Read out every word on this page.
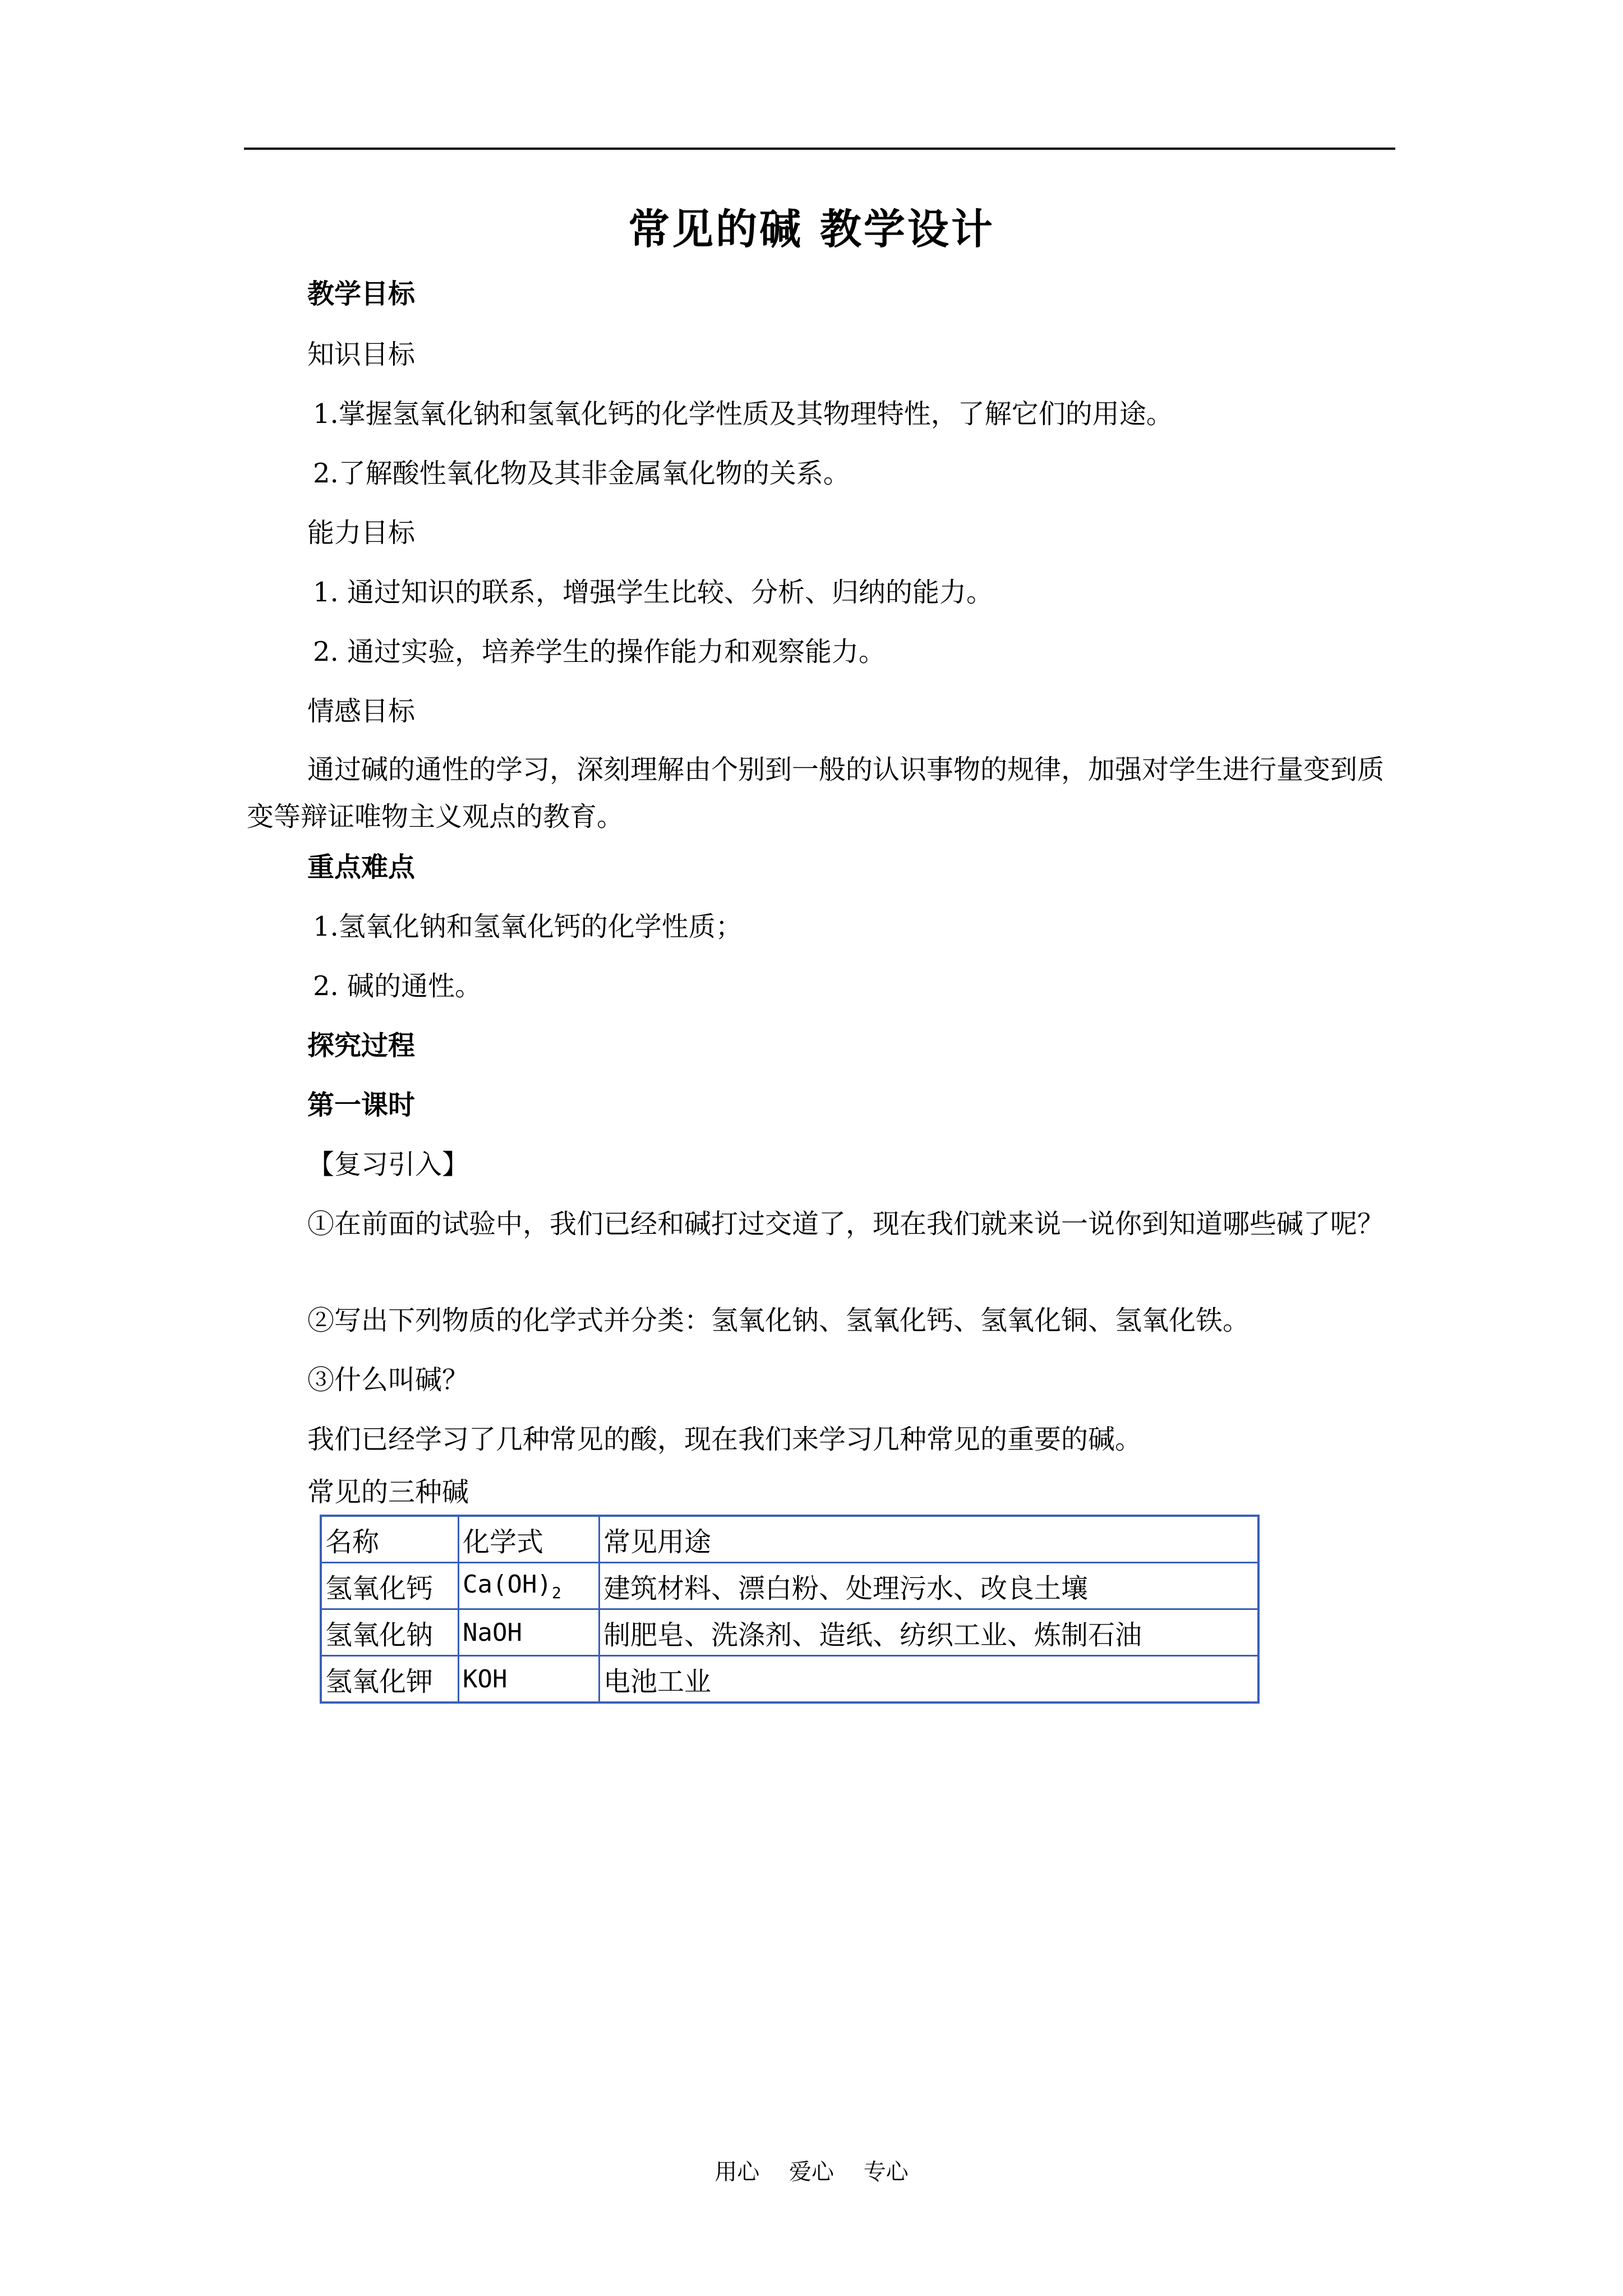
常见的碱 教学设计
教学目标
知识目标
1.掌握氢氧化钠和氢氧化钙的化学性质及其物理特性，了解它们的用途。
2.了解酸性氧化物及其非金属氧化物的关系。
能力目标
1. 通过知识的联系，增强学生比较、分析、归纳的能力。
2. 通过实验，培养学生的操作能力和观察能力。
情感目标
通过碱的通性的学习，深刻理解由个别到一般的认识事物的规律，加强对学生进行量变到质变等辩证唯物主义观点的教育。
重点难点
1.氢氧化钠和氢氧化钙的化学性质；
2. 碱的通性。
探究过程
第一课时
【复习引入】
①在前面的试验中，我们已经和碱打过交道了，现在我们就来说一说你到知道哪些碱了呢？
②写出下列物质的化学式并分类：氢氧化钠、氢氧化钙、氢氧化铜、氢氧化铁。
③什么叫碱？
我们已经学习了几种常见的酸，现在我们来学习几种常见的重要的碱。
常见的三种碱
名称	化学式	常见用途
氢氧化钙	$Ca(OH)_2$	建筑材料、漂白粉、处理污水、改良土壤
氢氧化钠	NaOH	制肥皂、洗涤剂、造纸、纺织工业、炼制石油
氢氧化钾	KOH	电池工业
用心 爱心 专心
